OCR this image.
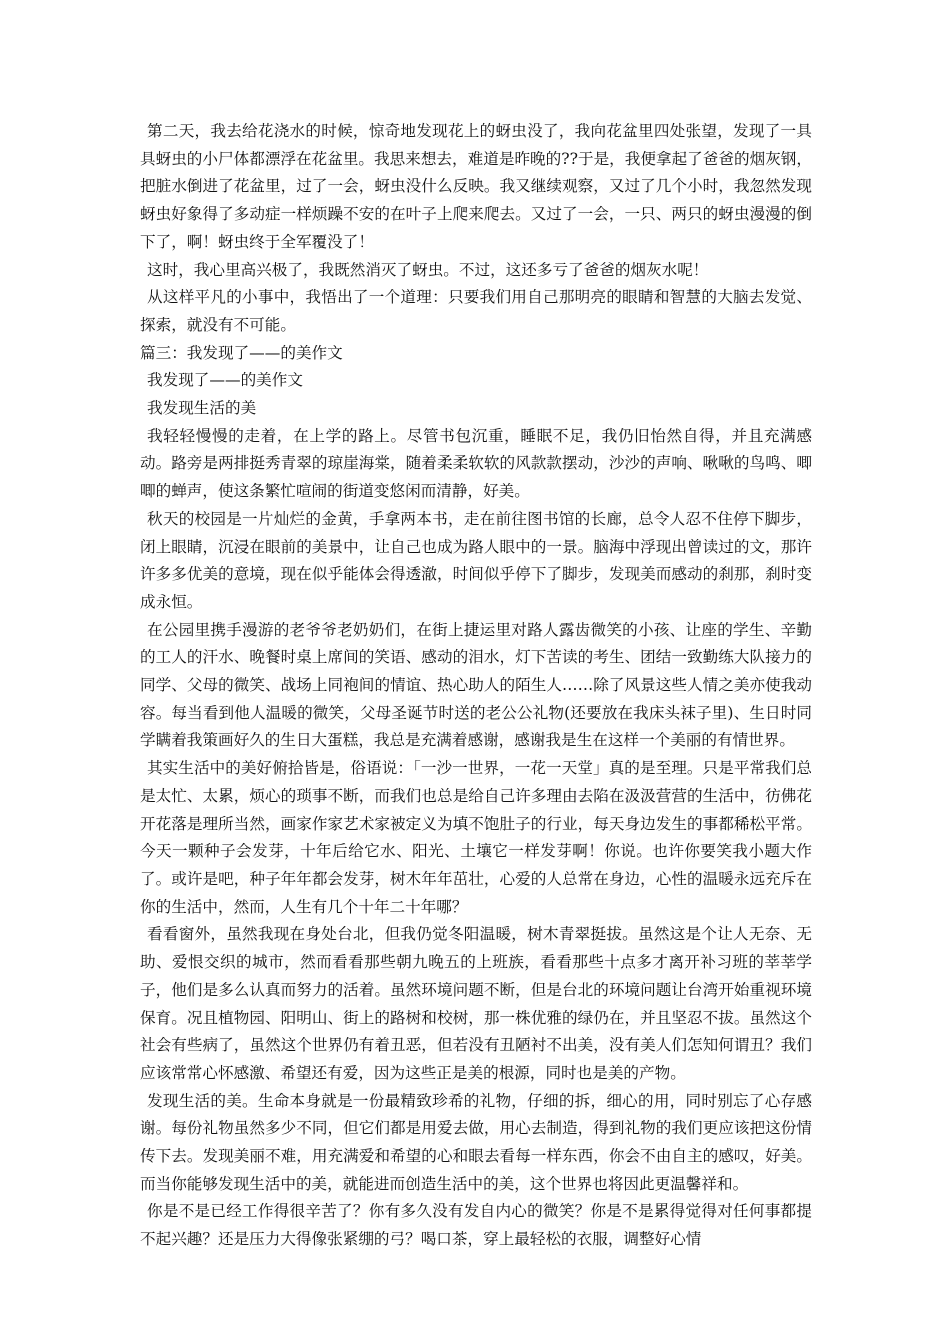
第二天，我去给花浇水的时候，惊奇地发现花上的蚜虫没了，我向花盆里四处张望，发现了一具具蚜虫的小尸体都漂浮在花盆里。我思来想去，难道是昨晚的??于是，我便拿起了爸爸的烟灰钢，把脏水倒进了花盆里，过了一会，蚜虫没什么反映。我又继续观察，又过了几个小时，我忽然发现蚜虫好象得了多动症一样烦躁不安的在叶子上爬来爬去。又过了一会，一只、两只的蚜虫漫漫的倒下了，啊！蚜虫终于全军覆没了！

这时，我心里高兴极了，我既然消灭了蚜虫。不过，这还多亏了爸爸的烟灰水呢！

从这样平凡的小事中，我悟出了一个道理：只要我们用自己那明亮的眼睛和智慧的大脑去发觉、探索，就没有不可能。

篇三：我发现了——的美作文

我发现了——的美作文

我发现生活的美

我轻轻慢慢的走着，在上学的路上。尽管书包沉重，睡眠不足，我仍旧怡然自得，并且充满感动。路旁是两排挺秀青翠的琼崖海棠，随着柔柔软软的风款款摆动，沙沙的声响、啾啾的鸟鸣、唧唧的蝉声，使这条繁忙喧闹的街道变悠闲而清静，好美。

秋天的校园是一片灿烂的金黄，手拿两本书，走在前往图书馆的长廊，总令人忍不住停下脚步，闭上眼睛，沉浸在眼前的美景中，让自己也成为路人眼中的一景。脑海中浮现出曾读过的文，那许许多多优美的意境，现在似乎能体会得透澈，时间似乎停下了脚步，发现美而感动的刹那，刹时变成永恒。

在公园里携手漫游的老爷爷老奶奶们，在街上捷运里对路人露齿微笑的小孩、让座的学生、辛勤的工人的汗水、晚餐时桌上席间的笑语、感动的泪水，灯下苦读的考生、团结一致勤练大队接力的同学、父母的微笑、战场上同袍间的情谊、热心助人的陌生人……除了风景这些人情之美亦使我动容。每当看到他人温暖的微笑，父母圣诞节时送的老公公礼物(还要放在我床头袜子里)、生日时同学瞒着我策画好久的生日大蛋糕，我总是充满着感谢，感谢我是生在这样一个美丽的有情世界。

其实生活中的美好俯拾皆是，俗语说：「一沙一世界，一花一天堂」真的是至理。只是平常我们总是太忙、太累，烦心的琐事不断，而我们也总是给自己许多理由去陷在汲汲营营的生活中，彷佛花开花落是理所当然，画家作家艺术家被定义为填不饱肚子的行业，每天身边发生的事都稀松平常。今天一颗种子会发芽，十年后给它水、阳光、土壤它一样发芽啊！你说。也许你要笑我小题大作了。或许是吧，种子年年都会发芽，树木年年茁壮，心爱的人总常在身边，心性的温暖永远充斥在你的生活中，然而，人生有几个十年二十年哪？

看看窗外，虽然我现在身处台北，但我仍觉冬阳温暖，树木青翠挺拔。虽然这是个让人无奈、无助、爱恨交织的城市，然而看看那些朝九晚五的上班族，看看那些十点多才离开补习班的莘莘学子，他们是多么认真而努力的活着。虽然环境问题不断，但是台北的环境问题让台湾开始重视环境保育。况且植物园、阳明山、街上的路树和校树，那一株优雅的绿仍在，并且坚忍不拔。虽然这个社会有些病了，虽然这个世界仍有着丑恶，但若没有丑陋衬不出美，没有美人们怎知何谓丑？我们应该常常心怀感激、希望还有爱，因为这些正是美的根源，同时也是美的产物。

发现生活的美。生命本身就是一份最精致珍希的礼物，仔细的拆，细心的用，同时别忘了心存感谢。每份礼物虽然多少不同，但它们都是用爱去做，用心去制造，得到礼物的我们更应该把这份情传下去。发现美丽不难，用充满爱和希望的心和眼去看每一样东西，你会不由自主的感叹，好美。而当你能够发现生活中的美，就能进而创造生活中的美，这个世界也将因此更温馨祥和。

你是不是已经工作得很辛苦了？你有多久没有发自内心的微笑？你是不是累得觉得对任何事都提不起兴趣？还是压力大得像张紧绷的弓？喝口茶，穿上最轻松的衣服，调整好心情
